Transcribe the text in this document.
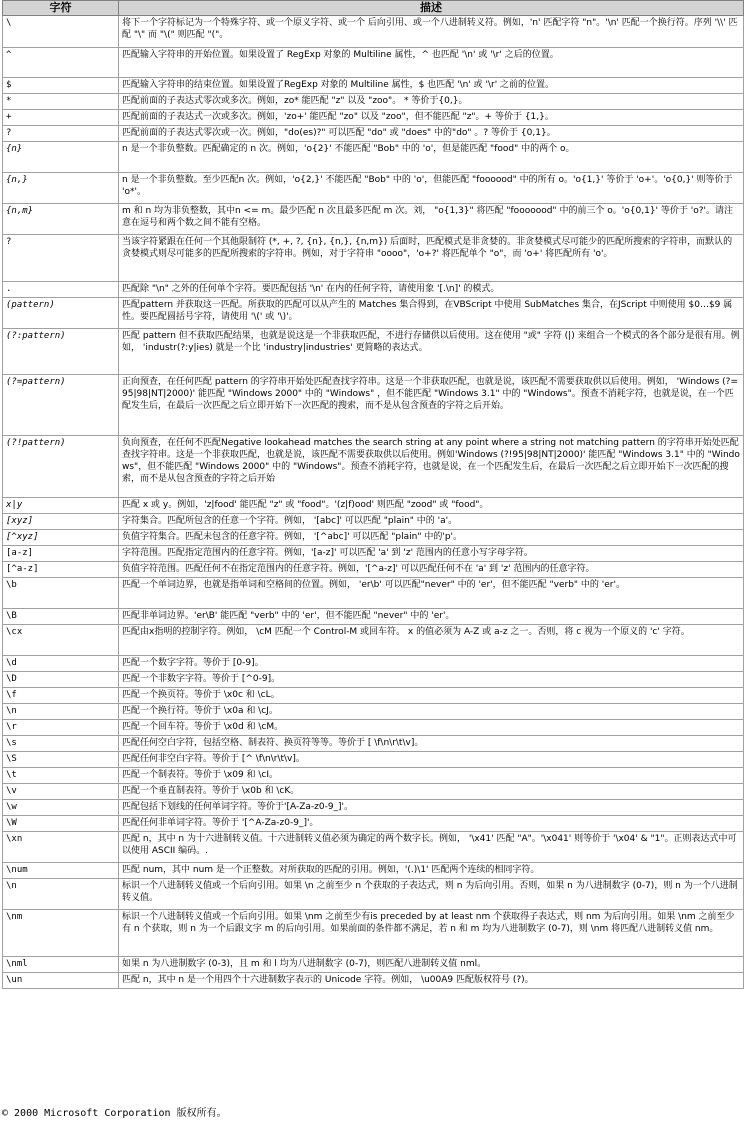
字符	描述
\	将下一个字符标记为一个特殊字符、或一个原义字符、或一个 后向引用、或一个八进制转义符。例如，'n' 匹配字符 "n"。'\n' 匹配一个换行符。序列 '\\' 匹配 "\" 而 "\(" 则匹配 "("。
^	匹配输入字符串的开始位置。如果设置了 RegExp 对象的 Multiline 属性，^ 也匹配 '\n' 或 '\r' 之后的位置。
$	匹配输入字符串的结束位置。如果设置了RegExp 对象的 Multiline 属性，$ 也匹配 '\n' 或 '\r' 之前的位置。
*	匹配前面的子表达式零次或多次。例如，zo* 能匹配 "z" 以及 "zoo"。 * 等价于{0,}。
+	匹配前面的子表达式一次或多次。例如，'zo+' 能匹配 "zo" 以及 "zoo"，但不能匹配 "z"。+ 等价于 {1,}。
?	匹配前面的子表达式零次或一次。例如，"do(es)?" 可以匹配 "do" 或 "does" 中的"do" 。? 等价于 {0,1}。
{n}	n 是一个非负整数。匹配确定的 n 次。例如，'o{2}' 不能匹配 "Bob" 中的 'o'，但是能匹配 "food" 中的两个 o。
{n,}	n 是一个非负整数。至少匹配n 次。例如，'o{2,}' 不能匹配 "Bob" 中的 'o'，但能匹配 "foooood" 中的所有 o。'o{1,}' 等价于 'o+'。'o{0,}' 则等价于 'o*'。
{n,m}	m 和 n 均为非负整数，其中n <= m。最少匹配 n 次且最多匹配 m 次。刘， "o{1,3}" 将匹配 "fooooood" 中的前三个 o。'o{0,1}' 等价于 'o?'。请注意在逗号和两个数之间不能有空格。
?	当该字符紧跟在任何一个其他限制符 (*, +, ?, {n}, {n,}, {n,m}) 后面时，匹配模式是非贪婪的。非贪婪模式尽可能少的匹配所搜索的字符串，而默认的贪婪模式则尽可能多的匹配所搜索的字符串。例如，对于字符串 "oooo"，'o+?' 将匹配单个 "o"，而 'o+' 将匹配所有 'o'。
.	匹配除 "\n" 之外的任何单个字符。要匹配包括 '\n' 在内的任何字符，请使用象 '[.\n]' 的模式。
(pattern)	匹配pattern 并获取这一匹配。所获取的匹配可以从产生的 Matches 集合得到，在VBScript 中使用 SubMatches 集合，在JScript 中则使用 $0…$9 属性。要匹配圆括号字符，请使用 '\(' 或 '\)'。
(?:pattern)	匹配 pattern 但不获取匹配结果，也就是说这是一个非获取匹配，不进行存储供以后使用。这在使用 "或" 字符 (|) 来组合一个模式的各个部分是很有用。例如， 'industr(?:y|ies) 就是一个比 'industry|industries' 更简略的表达式。
(?=pattern)	正向预查，在任何匹配 pattern 的字符串开始处匹配查找字符串。这是一个非获取匹配，也就是说，该匹配不需要获取供以后使用。例如， 'Windows (?=95|98|NT|2000)' 能匹配 "Windows 2000" 中的 "Windows" ，但不能匹配 "Windows 3.1" 中的 "Windows"。预查不消耗字符，也就是说，在一个匹配发生后，在最后一次匹配之后立即开始下一次匹配的搜索，而不是从包含预查的字符之后开始。
(?!pattern)	负向预查，在任何不匹配Negative lookahead matches the search string at any point where a string not matching pattern 的字符串开始处匹配查找字符串。这是一个非获取匹配，也就是说，该匹配不需要获取供以后使用。例如'Windows (?!95|98|NT|2000)' 能匹配 "Windows 3.1" 中的 "Windows"，但不能匹配 "Windows 2000" 中的 "Windows"。预查不消耗字符，也就是说，在一个匹配发生后，在最后一次匹配之后立即开始下一次匹配的搜索，而不是从包含预查的字符之后开始
x|y	匹配 x 或 y。例如，'z|food' 能匹配 "z" 或 "food"。'(z|f)ood' 则匹配 "zood" 或 "food"。
[xyz]	字符集合。匹配所包含的任意一个字符。例如， '[abc]' 可以匹配 "plain" 中的 'a'。
[^xyz]	负值字符集合。匹配未包含的任意字符。例如， '[^abc]' 可以匹配 "plain" 中的'p'。
[a-z]	字符范围。匹配指定范围内的任意字符。例如，'[a-z]' 可以匹配 'a' 到 'z' 范围内的任意小写字母字符。
[^a-z]	负值字符范围。匹配任何不在指定范围内的任意字符。例如，'[^a-z]' 可以匹配任何不在 'a' 到 'z' 范围内的任意字符。
\b	匹配一个单词边界，也就是指单词和空格间的位置。例如， 'er\b' 可以匹配"never" 中的 'er'，但不能匹配 "verb" 中的 'er'。
\B	匹配非单词边界。'er\B' 能匹配 "verb" 中的 'er'，但不能匹配 "never" 中的 'er'。
\cx	匹配由x指明的控制字符。例如， \cM 匹配一个 Control-M 或回车符。 x 的值必须为 A-Z 或 a-z 之一。否则，将 c 视为一个原义的 'c' 字符。
\d	匹配一个数字字符。等价于 [0-9]。
\D	匹配一个非数字字符。等价于 [^0-9]。
\f	匹配一个换页符。等价于 \x0c 和 \cL。
\n	匹配一个换行符。等价于 \x0a 和 \cJ。
\r	匹配一个回车符。等价于 \x0d 和 \cM。
\s	匹配任何空白字符，包括空格、制表符、换页符等等。等价于 [ \f\n\r\t\v]。
\S	匹配任何非空白字符。等价于 [^ \f\n\r\t\v]。
\t	匹配一个制表符。等价于 \x09 和 \cI。
\v	匹配一个垂直制表符。等价于 \x0b 和 \cK。
\w	匹配包括下划线的任何单词字符。等价于'[A-Za-z0-9_]'。
\W	匹配任何非单词字符。等价于 '[^A-Za-z0-9_]'。
\xn	匹配 n，其中 n 为十六进制转义值。十六进制转义值必须为确定的两个数字长。例如， '\x41' 匹配 "A"。'\x041' 则等价于 '\x04' & "1"。正则表达式中可以使用 ASCII 编码。.
\num	匹配 num，其中 num 是一个正整数。对所获取的匹配的引用。例如，'(.)\1' 匹配两个连续的相同字符。
\n	标识一个八进制转义值或一个后向引用。如果 \n 之前至少 n 个获取的子表达式，则 n 为后向引用。否则，如果 n 为八进制数字 (0-7)，则 n 为一个八进制转义值。
\nm	标识一个八进制转义值或一个后向引用。如果 \nm 之前至少有is preceded by at least nm 个获取得子表达式，则 nm 为后向引用。如果 \nm 之前至少有 n 个获取，则 n 为一个后跟文字 m 的后向引用。如果前面的条件都不满足，若 n 和 m 均为八进制数字 (0-7)，则 \nm 将匹配八进制转义值 nm。
\nml	如果 n 为八进制数字 (0-3)，且 m 和 l 均为八进制数字 (0-7)，则匹配八进制转义值 nml。
\un	匹配 n，其中 n 是一个用四个十六进制数字表示的 Unicode 字符。例如， \u00A9 匹配版权符号 (?)。
© 2000 Microsoft Corporation 版权所有。
